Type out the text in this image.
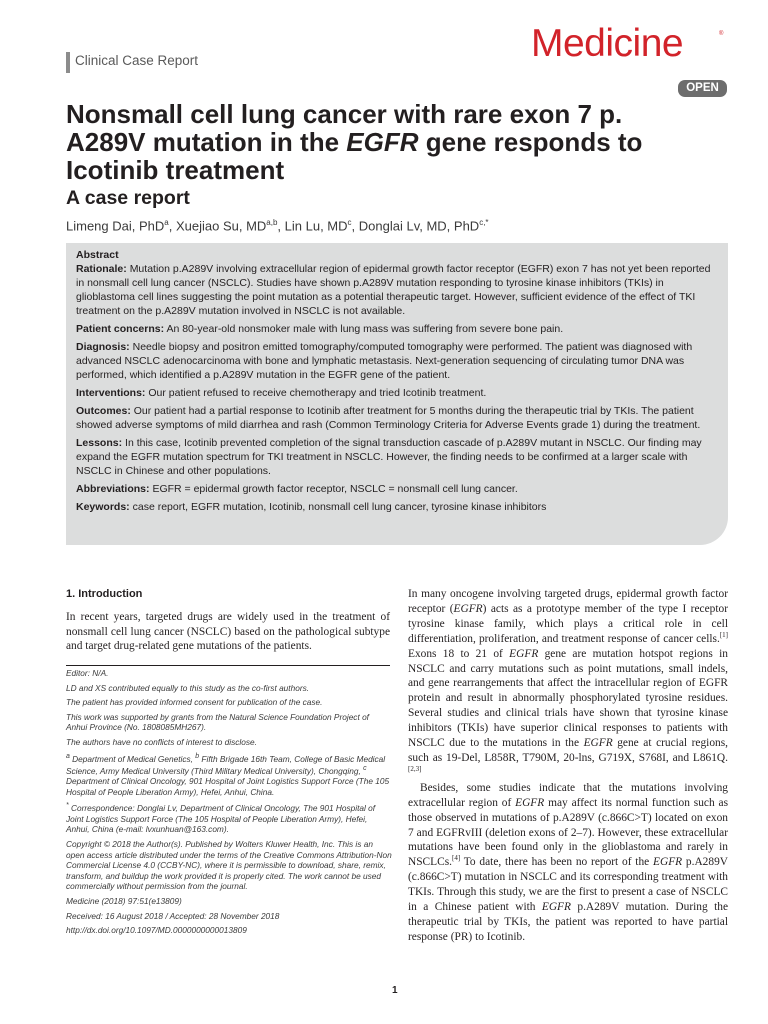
Clinical Case Report	Medicine	®
OPEN
Nonsmall cell lung cancer with rare exon 7 p. A289V mutation in the EGFR gene responds to Icotinib treatment
A case report
Limeng Dai, PhD$^a$, Xuejiao Su, MD$^{a,b}$, Lin Lu, $MD^c$, Donglai Lv, MD, PhD$^{c,*}$

Abstract

Rationale: Mutation p.A289V involving extracellular region of epidermal growth factor receptor (EGFR) exon 7 has not yet been reported in nonsmall cell lung cancer (NSCLC). Studies have shown p.A289V mutation responding to tyrosine kinase inhibitors (TKIs) in glioblastoma cell lines suggesting the point mutation as a potential therapeutic target. However, sufficient evidence of the effect of TKI treatment on the p.A289V mutation involved in NSCLC is not available.

Patient concerns: An 80-year-old nonsmoker male with lung mass was suffering from severe bone pain.

Diagnosis: Needle biopsy and positron emitted tomography/computed tomography were performed. The patient was diagnosed with advanced NSCLC adenocarcinoma with bone and lymphatic metastasis. Next-generation sequencing of circulating tumor DNA was performed, which identified a p.A289V mutation in the EGFR gene of the patient.

Interventions: Our patient refused to receive chemotherapy and tried Icotinib treatment.

Outcomes: Our patient had a partial response to Icotinib after treatment for 5 months during the therapeutic trial by TKIs. The patient showed adverse symptoms of mild diarrhea and rash (Common Terminology Criteria for Adverse Events grade 1) during the treatment.

Lessons: In this case, Icotinib prevented completion of the signal transduction cascade of p.A289V mutant in NSCLC. Our finding may expand the EGFR mutation spectrum for TKI treatment in NSCLC. However, the finding needs to be confirmed at a larger scale with NSCLC in Chinese and other populations.

Abbreviations: EGFR = epidermal growth factor receptor, NSCLC = nonsmall cell lung cancer.

Keywords: case report, EGFR mutation, Icotinib, nonsmall cell lung cancer, tyrosine kinase inhibitors

1. Introduction

In recent years, targeted drugs are widely used in the treatment of nonsmall cell lung cancer (NSCLC) based on the pathological subtype and target drug-related gene mutations of the patients.

Editor: N/A.

LD and XS contributed equally to this study as the co-first authors.

The patient has provided informed consent for publication of the case.

This work was supported by grants from the Natural Science Foundation Project of Anhui Province (No. 1808085MH267).

The authors have no conflicts of interest to disclose.

$^a$ Department of Medical Genetics, $^b$ Fifth Brigade 16th Team, College of Basic Medical Science, Army Medical University (Third Military Medical University), Chongqing, $^c$ Department of Clinical Oncology, 901 Hospital of Joint Logistics Support Force (The 105 Hospital of People Liberation Army), Hefei, Anhui, China.

* Correspondence: Donglai Lv, Department of Clinical Oncology, The 901 Hospital of Joint Logistics Support Force (The 105 Hospital of People Liberation Army), Hefei, Anhui, China (e-mail: lvxunhuan@163.com).

Copyright © 2018 the Author(s). Published by Wolters Kluwer Health, Inc. This is an open access article distributed under the terms of the Creative Commons Attribution-Non Commercial License 4.0 (CCBY-NC), where it is permissible to download, share, remix, transform, and buildup the work provided it is properly cited. The work cannot be used commercially without permission from the journal.

Medicine (2018) 97:51(e13809)

Received: 16 August 2018 / Accepted: 28 November 2018

http://dx.doi.org/10.1097/MD.0000000000013809

In many oncogene involving targeted drugs, epidermal growth factor receptor (EGFR) acts as a prototype member of the type I receptor tyrosine kinase family, which plays a critical role in cell differentiation, proliferation, and treatment response of cancer cells.[1] Exons 18 to 21 of EGFR gene are mutation hotspot regions in NSCLC and carry mutations such as point mutations, small indels, and gene rearrangements that affect the intracellular region of EGFR protein and result in abnormally phosphorylated tyrosine residues. Several studies and clinical trials have shown that tyrosine kinase inhibitors (TKIs) have superior clinical responses to patients with NSCLC due to the mutations in the EGFR gene at crucial regions, such as 19-Del, L858R, T790M, 20-lns, G719X, S768I, and L861Q.[2,3]

Besides, some studies indicate that the mutations involving extracellular region of EGFR may affect its normal function such as those observed in mutations of p.A289V (c.866C>T) located on exon 7 and EGFRvIII (deletion exons of 2–7). However, these extracellular mutations have been found only in the glioblastoma and rarely in NSCLCs.[4] To date, there has been no report of the EGFR p.A289V (c.866C>T) mutation in NSCLC and its corresponding treatment with TKIs. Through this study, we are the first to present a case of NSCLC in a Chinese patient with EGFR p.A289V mutation. During the therapeutic trial by TKIs, the patient was reported to have partial response (PR) to Icotinib.

1
